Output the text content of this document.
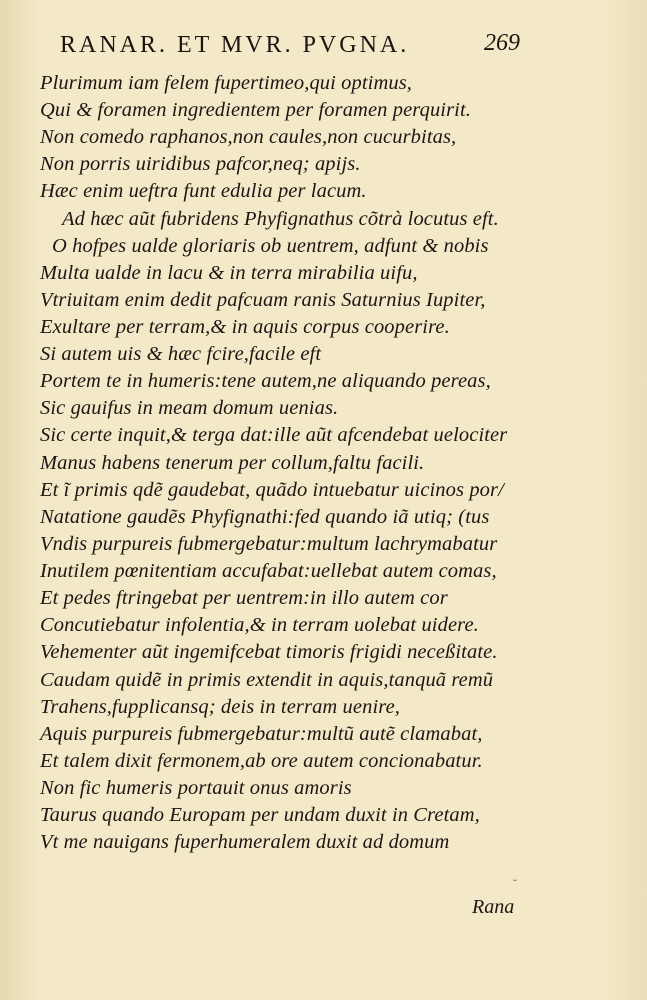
RANAR. ET MVR. PVGNA.	269
Plurimum iam felem fupertimeo,qui optimus,
Qui & foramen ingredientem per foramen perquirit.
Non comedo raphanos,non caules,non cucurbitas,
Non porris uiridibus pafcor,neq; apijs.
Hæc enim ueftra funt edulia per lacum.
Ad hæc aũt fubridens Phyfignathus cõtrà locutus eft.
O hofpes ualde gloriaris ob uentrem, adfunt & nobis
Multa ualde in lacu & in terra mirabilia uifu,
Vtriuitam enim dedit pafcuam ranis Saturnius Iupiter,
Exultare per terram,& in aquis corpus cooperire.
Si autem uis & hæc fcire,facile eft
Portem te in humeris:tene autem,ne aliquando pereas,
Sic gauifus in meam domum uenias.
Sic certe inquit,& terga dat:ille aũt afcendebat uelociter
Manus habens tenerum per collum,faltu facili.
Et ĩ primis qdẽ gaudebat, quãdo intuebatur uicinos por/
Natatione gaudẽs Phyfignathi:fed quando iã utiq; (tus
Vndis purpureis fubmergebatur:multum lachrymabatur
Inutilem pœnitentiam accufabat:uellebat autem comas,
Et pedes ftringebat per uentrem:in illo autem cor
Concutiebatur infolentia,& in terram uolebat uidere.
Vehementer aũt ingemifcebat timoris frigidi neceßitate.
Caudam quidẽ in primis extendit in aquis,tanquã remũ
Trahens,fupplicansq; deis in terram uenire,
Aquis purpureis fubmergebatur:multũ autẽ clamabat,
Et talem dixit fermonem,ab ore autem concionabatur.
Non fic humeris portauit onus amoris
Taurus quando Europam per undam duxit in Cretam,
Vt me nauigans fuperhumeralem duxit ad domum
˘
Rana
